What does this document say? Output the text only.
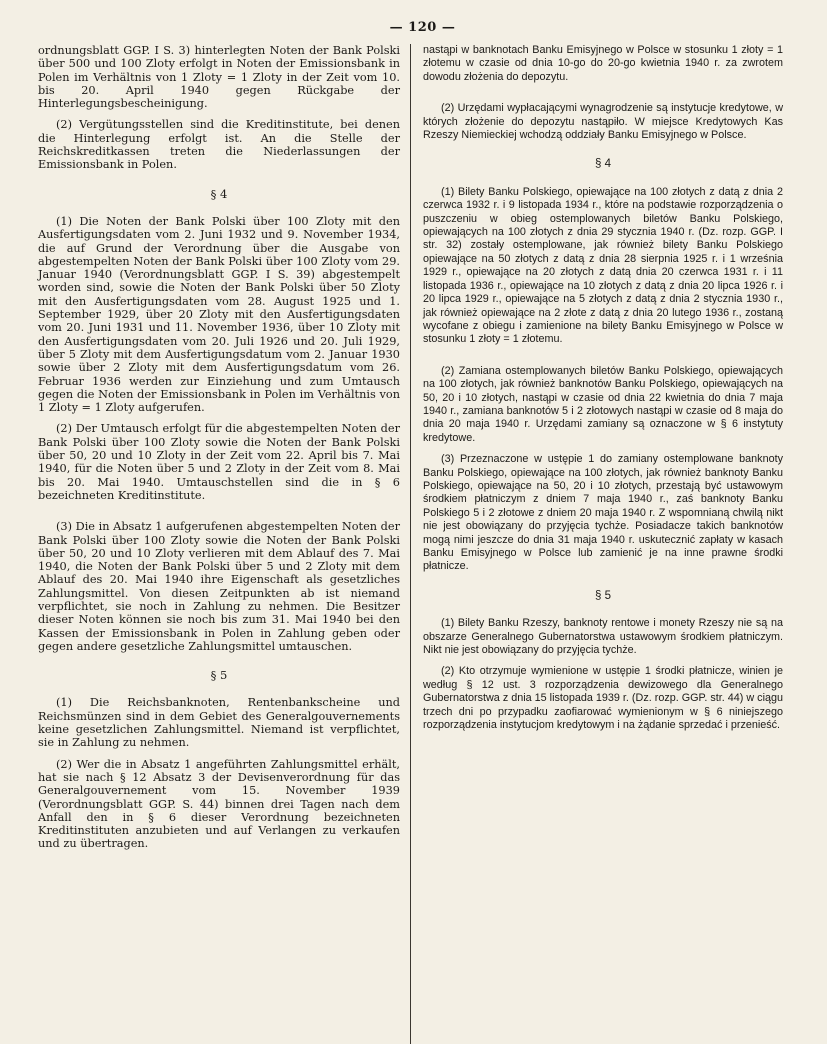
— 120 —

ordnungsblatt GGP. I S. 3) hinterlegten Noten der Bank Polski über 500 und 100 Zloty erfolgt in Noten der Emissionsbank in Polen im Verhältnis von 1 Zloty = 1 Zloty in der Zeit vom 10. bis 20. April 1940 gegen Rückgabe der Hinterlegungsbescheinigung.

(2) Vergütungsstellen sind die Kreditinstitute, bei denen die Hinterlegung erfolgt ist. An die Stelle der Reichskreditkassen treten die Niederlassungen der Emissionsbank in Polen.

§ 4

(1) Die Noten der Bank Polski über 100 Zloty mit den Ausfertigungsdaten vom 2. Juni 1932 und 9. November 1934, die auf Grund der Verordnung über die Ausgabe von abgestempelten Noten der Bank Polski über 100 Zloty vom 29. Januar 1940 (Verordnungsblatt GGP. I S. 39) abgestempelt worden sind, sowie die Noten der Bank Polski über 50 Zloty mit den Ausfertigungsdaten vom 28. August 1925 und 1. September 1929, über 20 Zloty mit den Ausfertigungsdaten vom 20. Juni 1931 und 11. November 1936, über 10 Zloty mit den Ausfertigungsdaten vom 20. Juli 1926 und 20. Juli 1929, über 5 Zloty mit dem Ausfertigungsdatum vom 2. Januar 1930 sowie über 2 Zloty mit dem Ausfertigungsdatum vom 26. Februar 1936 werden zur Einziehung und zum Umtausch gegen die Noten der Emissionsbank in Polen im Verhältnis von 1 Zloty = 1 Zloty aufgerufen.

(2) Der Umtausch erfolgt für die abgestempelten Noten der Bank Polski über 100 Zloty sowie die Noten der Bank Polski über 50, 20 und 10 Zloty in der Zeit vom 22. April bis 7. Mai 1940, für die Noten über 5 und 2 Zloty in der Zeit vom 8. Mai bis 20. Mai 1940. Umtauschstellen sind die in § 6 bezeichneten Kreditinstitute.

(3) Die in Absatz 1 aufgerufenen abgestempelten Noten der Bank Polski über 100 Zloty sowie die Noten der Bank Polski über 50, 20 und 10 Zloty verlieren mit dem Ablauf des 7. Mai 1940, die Noten der Bank Polski über 5 und 2 Zloty mit dem Ablauf des 20. Mai 1940 ihre Eigenschaft als gesetzliches Zahlungsmittel. Von diesen Zeitpunkten ab ist niemand verpflichtet, sie noch in Zahlung zu nehmen. Die Besitzer dieser Noten können sie noch bis zum 31. Mai 1940 bei den Kassen der Emissionsbank in Polen in Zahlung geben oder gegen andere gesetzliche Zahlungsmittel umtauschen.

§ 5

(1) Die Reichsbanknoten, Rentenbankscheine und Reichsmünzen sind in dem Gebiet des Generalgouvernements keine gesetzlichen Zahlungsmittel. Niemand ist verpflichtet, sie in Zahlung zu nehmen.

(2) Wer die in Absatz 1 angeführten Zahlungsmittel erhält, hat sie nach § 12 Absatz 3 der Devisenverordnung für das Generalgouvernement vom 15. November 1939 (Verordnungsblatt GGP. S. 44) binnen drei Tagen nach dem Anfall den in § 6 dieser Verordnung bezeichneten Kreditinstituten anzubieten und auf Verlangen zu verkaufen und zu übertragen.

nastąpi w banknotach Banku Emisyjnego w Polsce w stosunku 1 złoty = 1 złotemu w czasie od dnia 10-go do 20-go kwietnia 1940 r. za zwrotem dowodu złożenia do depozytu.

(2) Urzędami wypłacającymi wynagrodzenie są instytucje kredytowe, w których złożenie do depozytu nastąpiło. W miejsce Kredytowych Kas Rzeszy Niemieckiej wchodzą oddziały Banku Emisyjnego w Polsce.

§ 4

(1) Bilety Banku Polskiego, opiewające na 100 złotych z datą z dnia 2 czerwca 1932 r. i 9 listopada 1934 r., które na podstawie rozporządzenia o puszczeniu w obieg ostemplowanych biletów Banku Polskiego, opiewających na 100 złotych z dnia 29 stycznia 1940 r. (Dz. rozp. GGP. I str. 32) zostały ostemplowane, jak również bilety Banku Polskiego opiewające na 50 złotych z datą z dnia 28 sierpnia 1925 r. i 1 września 1929 r., opiewające na 20 złotych z datą dnia 20 czerwca 1931 r. i 11 listopada 1936 r., opiewające na 10 złotych z datą z dnia 20 lipca 1926 r. i 20 lipca 1929 r., opiewające na 5 złotych z datą z dnia 2 stycznia 1930 r., jak również opiewające na 2 złote z datą z dnia 20 lutego 1936 r., zostaną wycofane z obiegu i zamienione na bilety Banku Emisyjnego w Polsce w stosunku 1 złoty = 1 złotemu.

(2) Zamiana ostemplowanych biletów Banku Polskiego, opiewających na 100 złotych, jak również banknotów Banku Polskiego, opiewających na 50, 20 i 10 złotych, nastąpi w czasie od dnia 22 kwietnia do dnia 7 maja 1940 r., zamiana banknotów 5 i 2 złotowych nastąpi w czasie od 8 maja do dnia 20 maja 1940 r. Urzędami zamiany są oznaczone w § 6 instytuty kredytowe.

(3) Przeznaczone w ustępie 1 do zamiany ostemplowane banknoty Banku Polskiego, opiewające na 100 złotych, jak również banknoty Banku Polskiego, opiewające na 50, 20 i 10 złotych, przestają być ustawowym środkiem płatniczym z dniem 7 maja 1940 r., zaś banknoty Banku Polskiego 5 i 2 złotowe z dniem 20 maja 1940 r. Z wspomnianą chwilą nikt nie jest obowiązany do przyjęcia tychże. Posiadacze takich banknotów mogą nimi jeszcze do dnia 31 maja 1940 r. uskutecznić zapłaty w kasach Banku Emisyjnego w Polsce lub zamienić je na inne prawne środki płatnicze.

§ 5

(1) Bilety Banku Rzeszy, banknoty rentowe i monety Rzeszy nie są na obszarze Generalnego Gubernatorstwa ustawowym środkiem płatniczym. Nikt nie jest obowiązany do przyjęcia tychże.

(2) Kto otrzymuje wymienione w ustępie 1 środki płatnicze, winien je według § 12 ust. 3 rozporządzenia dewizowego dla Generalnego Gubernatorstwa z dnia 15 listopada 1939 r. (Dz. rozp. GGP. str. 44) w ciągu trzech dni po przypadku zaofiarować wymienionym w § 6 niniejszego rozporządzenia instytucjom kredytowym i na żądanie sprzedać i przenieść.
